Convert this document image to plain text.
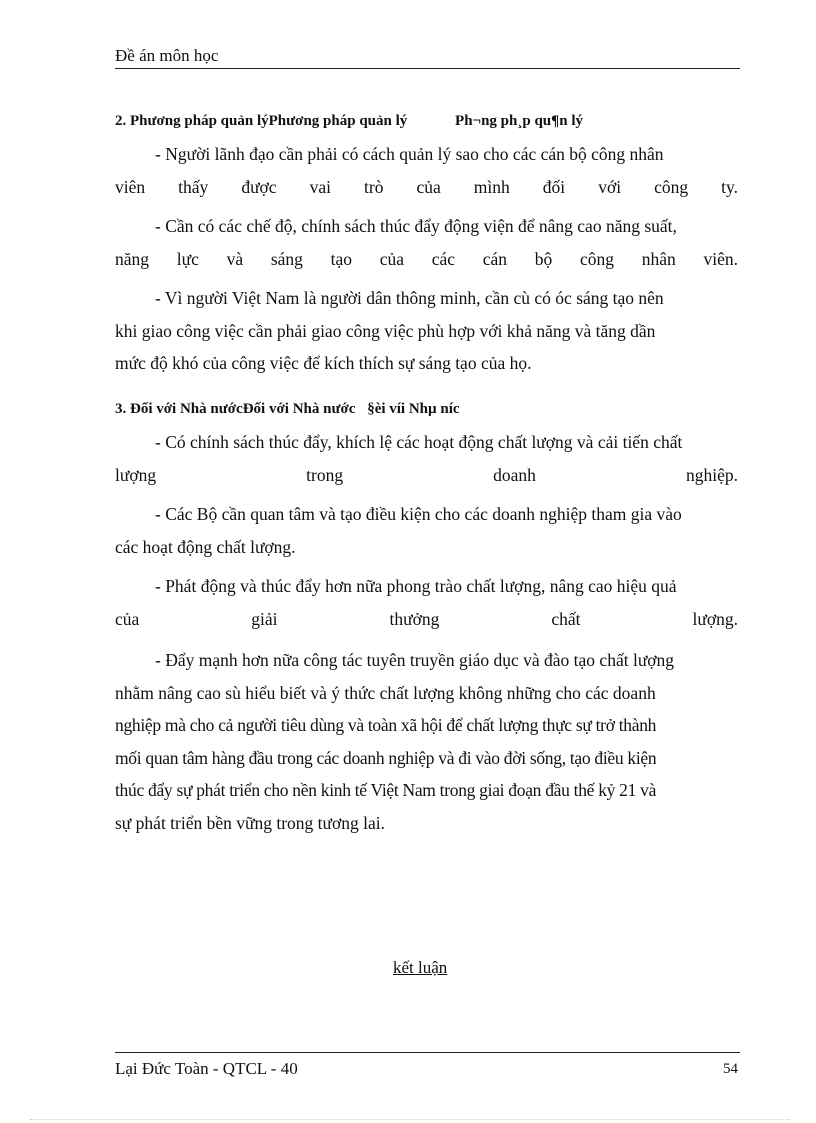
Đề án môn học
2. Phương pháp quản lýPhương pháp quản lý	Ph¬ng ph¸p qu¶n lý

- Người lãnh đạo cần phải có cách quản lý sao cho các cán bộ công nhân
viên thấy được vai trò của mình đối với công ty.

- Cần có các chế độ, chính sách thúc đẩy động viện để nâng cao năng suất,
năng lực và sáng tạo của các cán bộ công nhân viên.

- Vì người Việt Nam là người dân thông minh, cần cù có óc sáng tạo nên
khi giao công việc cần phải giao công việc phù hợp với khả năng và tăng dần
mức độ khó của công việc để kích thích sự sáng tạo của họ.

3. Đối với Nhà nướcĐối với Nhà nước §èi víi Nhµ níc

- Có chính sách thúc đẩy, khích lệ các hoạt động chất lượng và cải tiến chất
lượng trong doanh nghiệp.

- Các Bộ cần quan tâm và tạo điều kiện cho các doanh nghiệp tham gia vào
các hoạt động chất lượng.

- Phát động và thúc đẩy hơn nữa phong trào chất lượng, nâng cao hiệu quả
của giải thưởng chất lượng.

- Đẩy mạnh hơn nữa công tác tuyên truyền giáo dục và đào tạo chất lượng
nhằm nâng cao sù hiểu biết và ý thức chất lượng không những cho các doanh
nghiệp mà cho cả người tiêu dùng và toàn xã hội để chất lượng thực sự trở thành
mối quan tâm hàng đầu trong các doanh nghiệp và đi vào đời sống, tạo điều kiện
thúc đẩy sự phát triển cho nền kinh tế Việt Nam trong giai đoạn đầu thế kỷ 21 và
sự phát triển bền vững trong tương lai.

kết luận
Lại Đức Toàn - QTCL - 40	54
